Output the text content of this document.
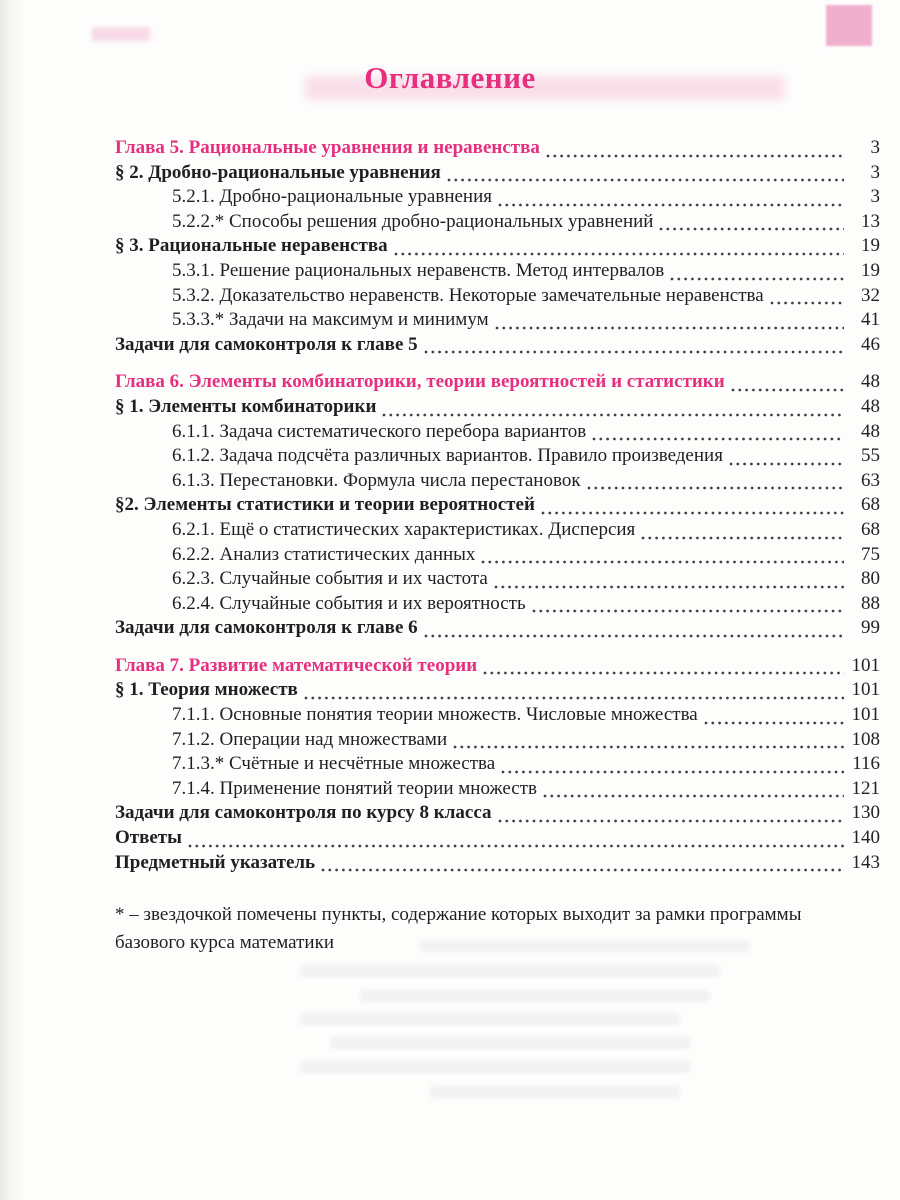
Оглавление
Глава 5. Рациональные уравнения и неравенства	3
§ 2. Дробно-рациональные уравнения	3
5.2.1. Дробно-рациональные уравнения	3
5.2.2.* Способы решения дробно-рациональных уравнений	13
§ 3. Рациональные неравенства	19
5.3.1. Решение рациональных неравенств. Метод интервалов	19
5.3.2. Доказательство неравенств. Некоторые замечательные неравенства	32
5.3.3.* Задачи на максимум и минимум	41
Задачи для самоконтроля к главе 5	46
Глава 6. Элементы комбинаторики, теории вероятностей и статистики	48
§ 1. Элементы комбинаторики	48
6.1.1. Задача систематического перебора вариантов	48
6.1.2. Задача подсчёта различных вариантов. Правило произведения	55
6.1.3. Перестановки. Формула числа перестановок	63
§2. Элементы статистики и теории вероятностей	68
6.2.1. Ещё о статистических характеристиках. Дисперсия	68
6.2.2. Анализ статистических данных	75
6.2.3. Случайные события и их частота	80
6.2.4. Случайные события и их вероятность	88
Задачи для самоконтроля к главе 6	99
Глава 7. Развитие математической теории	101
§ 1. Теория множеств	101
7.1.1. Основные понятия теории множеств. Числовые множества	101
7.1.2. Операции над множествами	108
7.1.3.* Счётные и несчётные множества	116
7.1.4. Применение понятий теории множеств	121
Задачи для самоконтроля по курсу 8 класса	130
Ответы	140
Предметный указатель	143
* – звездочкой помечены пункты, содержание которых выходит за рамки программы
базового курса математики
